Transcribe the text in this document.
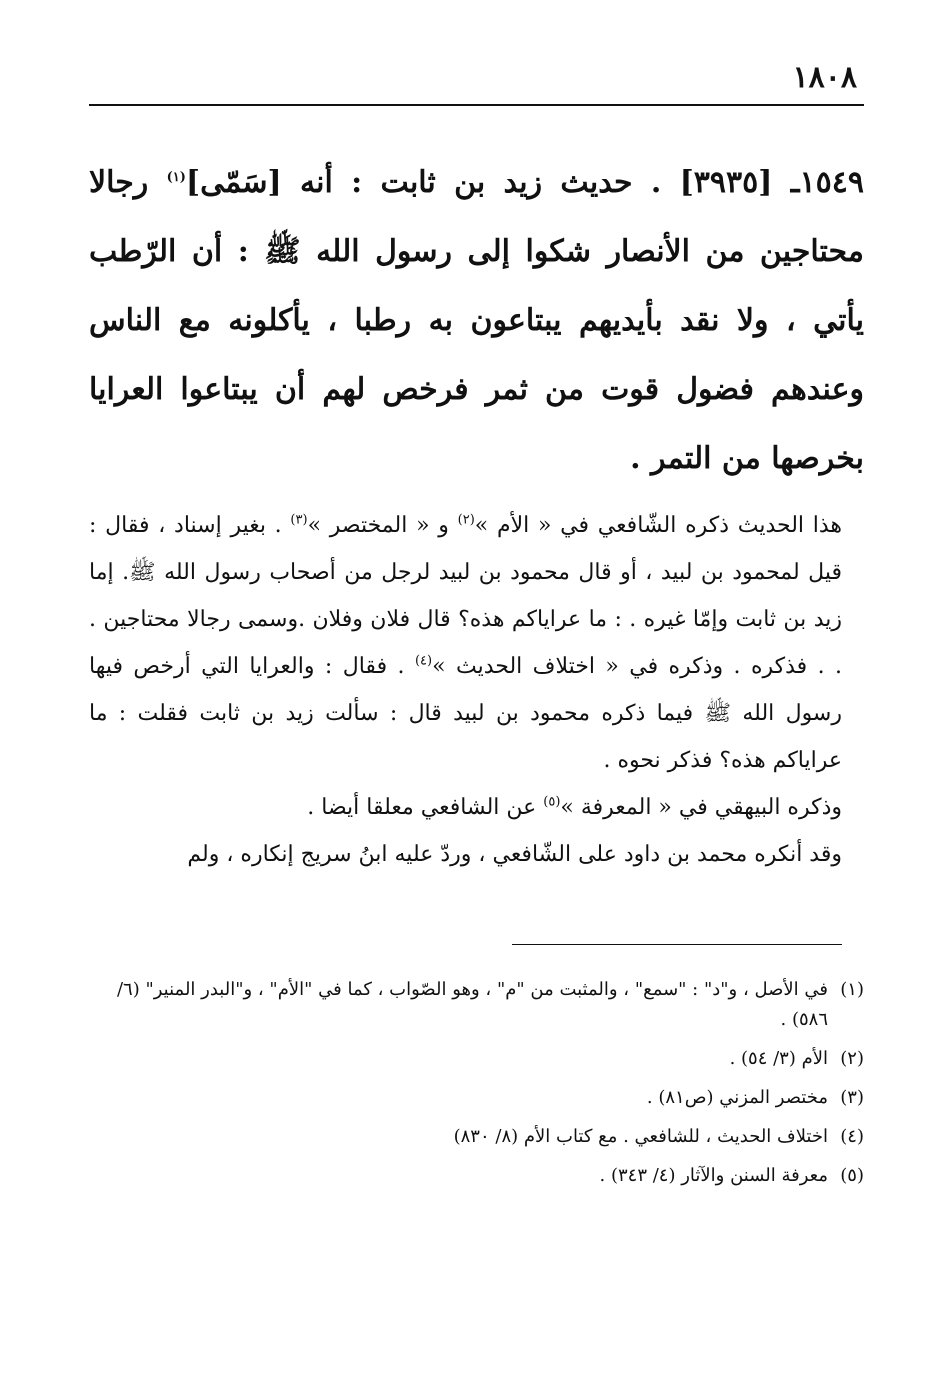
١٨٠٨
١٥٤٩ـ [٣٩٣٥] . حديث زيد بن ثابت : أنه [سَمّى]$^{(١)}$ رجالا محتاجين من الأنصار شكوا إلى رسول الله ﷺ : أن الرّطب يأتي ، ولا نقد بأيديهم يبتاعون به رطبا ، يأكلونه مع الناس وعندهم فضول قوت من ثمر فرخص لهم أن يبتاعوا العرايا بخرصها من التمر .

هذا الحديث ذكره الشّافعي في « الأم »$^{(٢)}$ و « المختصر »$^{(٣)}$ . بغير إسناد ، فقال : قيل لمحمود بن لبيد ، أو قال محمود بن لبيد لرجل من أصحاب رسول الله ﷺ. إما زيد بن ثابت وإمّا غيره . : ما عراياكم هذه؟ قال فلان وفلان .وسمى رجالا محتاجين . . . فذكره . وذكره في « اختلاف الحديث »$^{(٤)}$ . فقال : والعرايا التي أرخص فيها رسول الله ﷺ فيما ذكره محمود بن لبيد قال : سألت زيد بن ثابت فقلت : ما عراياكم هذه؟ فذكر نحوه .

وذكره البيهقي في « المعرفة »$^{(٥)}$ عن الشافعي معلقا أيضا .

وقد أنكره محمد بن داود على الشّافعي ، وردّ عليه ابنُ سريج إنكاره ، ولم

(١)
في الأصل ، و"د" : "سمع" ، والمثبت من "م" ، وهو الصّواب ، كما في "الأم" ، و"البدر المنير" (٦/ ٥٨٦) .
(٢)
الأم (٣/ ٥٤) .
(٣)
مختصر المزني (ص٨١) .
(٤)
اختلاف الحديث ، للشافعي . مع كتاب الأم (٨/ ٨٣٠)
(٥)
معرفة السنن والآثار (٤/ ٣٤٣) .
